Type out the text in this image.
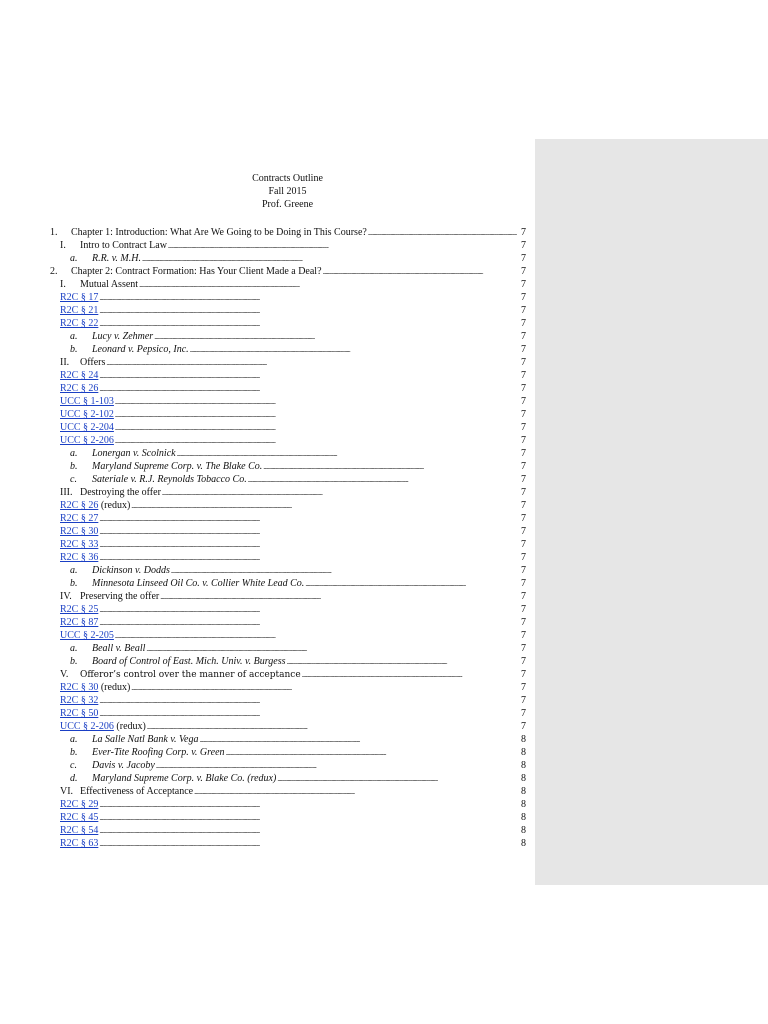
Contracts Outline
Fall 2015
Prof. Greene
1. Chapter 1: Introduction: What Are We Going to be Doing in This Course? . . .	7
I. Intro to Contract Law . . .	7
a. R.R. v. M.H. . . .	7
2. Chapter 2: Contract Formation: Has Your Client Made a Deal? . . .	7
I. Mutual Assent . . .	7
R2C § 17 . . .	7
R2C § 21 . . .	7
R2C § 22 . . .	7
a. Lucy v. Zehmer . . .	7
b. Leonard v. Pepsico, Inc. . . .	7
II. Offers . . .	7
R2C § 24 . . .	7
R2C § 26 . . .	7
UCC § 1-103 . . .	7
UCC § 2-102 . . .	7
UCC § 2-204 . . .	7
UCC § 2-206 . . .	7
a. Lonergan v. Scolnick . . .	7
b. Maryland Supreme Corp. v. The Blake Co. . . .	7
c. Sateriale v. R.J. Reynolds Tobacco Co. . . .	7
III. Destroying the offer . . .	7
R2C § 26 (redux) . . .	7
R2C § 27 . . .	7
R2C § 30 . . .	7
R2C § 33 . . .	7
R2C § 36 . . .	7
a. Dickinson v. Dodds . . .	7
b. Minnesota Linseed Oil Co. v. Collier White Lead Co. . . .	7
IV. Preserving the offer . . .	7
R2C § 25 . . .	7
R2C § 87 . . .	7
UCC § 2-205 . . .	7
a. Beall v. Beall . . .	7
b. Board of Control of East. Mich. Univ. v. Burgess . . .	7
V. Offeror’s control over the manner of acceptance . . .	7
R2C § 30 (redux) . . .	7
R2C § 32 . . .	7
R2C § 50 . . .	7
UCC § 2-206 (redux) . . .	7
a. La Salle Natl Bank v. Vega . . .	8
b. Ever-Tite Roofing Corp. v. Green . . .	8
c. Davis v. Jacoby . . .	8
d. Maryland Supreme Corp. v. Blake Co. (redux) . . .	8
VI. Effectiveness of Acceptance . . .	8
R2C § 29 . . .	8
R2C § 45 . . .	8
R2C § 54 . . .	8
R2C § 63 . . .	8
